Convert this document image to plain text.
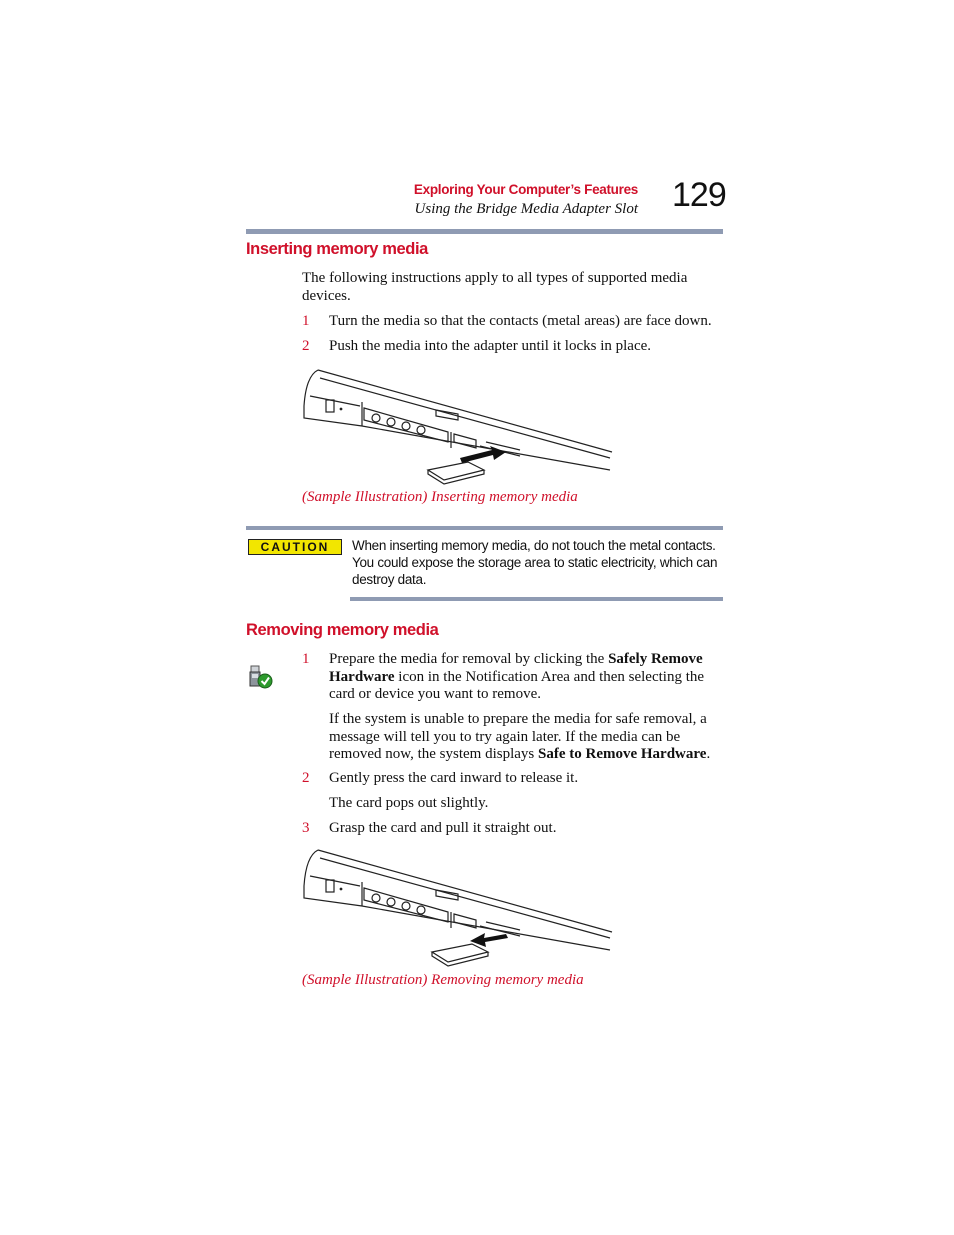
Exploring Your Computer’s Features
Using the Bridge Media Adapter Slot 129
Inserting memory media
The following instructions apply to all types of supported media devices.
1	Turn the media so that the contacts (metal areas) are face down.
2	Push the media into the adapter until it locks in place.
(Sample Illustration) Inserting memory media
CAUTION	When inserting memory media, do not touch the metal contacts. You could expose the storage area to static electricity, which can destroy data.
Removing memory media
1	Prepare the media for removal by clicking the Safely Remove Hardware icon in the Notification Area and then selecting the card or device you want to remove.
If the system is unable to prepare the media for safe removal, a message will tell you to try again later. If the media can be removed now, the system displays Safe to Remove Hardware.
2	Gently press the card inward to release it.
The card pops out slightly.
3	Grasp the card and pull it straight out.
(Sample Illustration) Removing memory media
